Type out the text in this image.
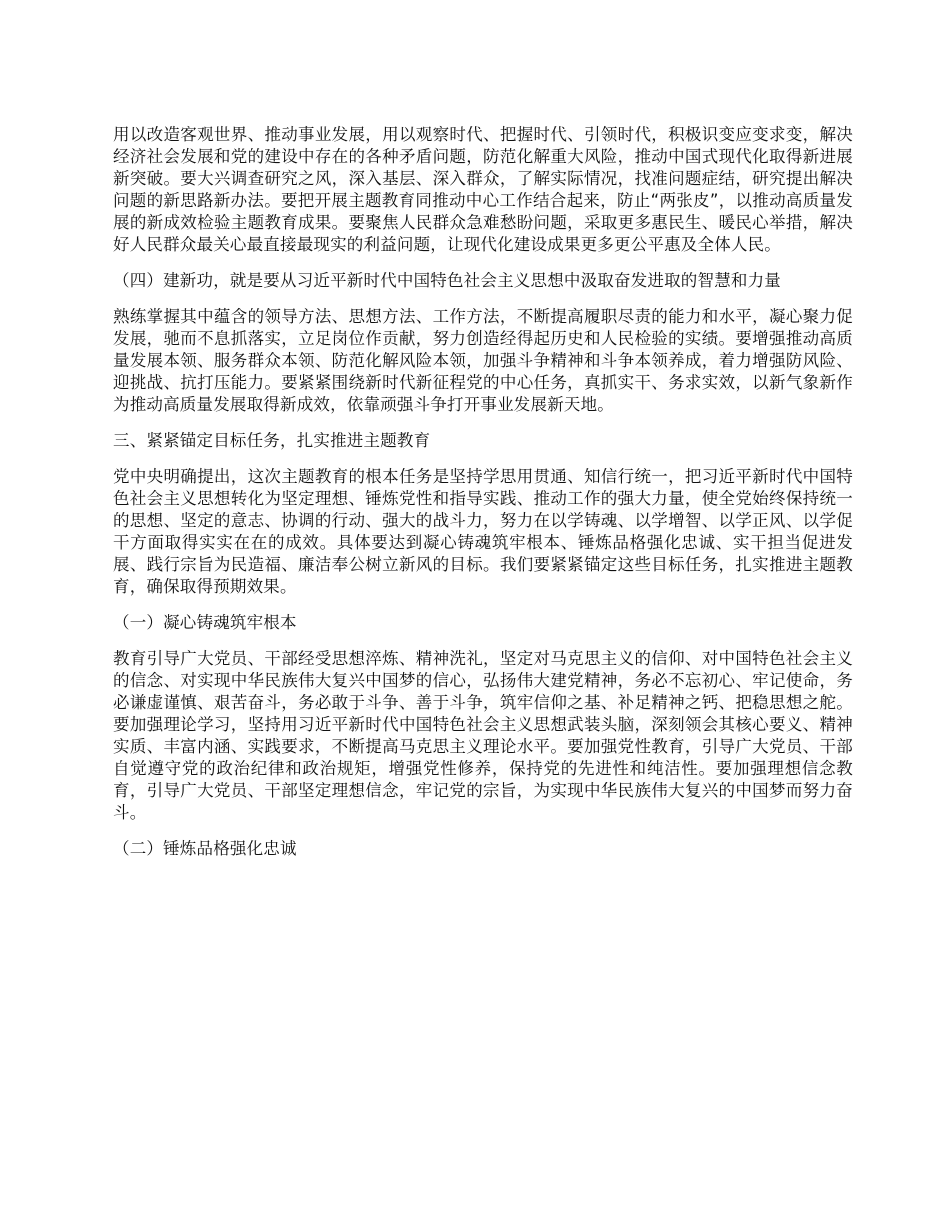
用以改造客观世界、推动事业发展，用以观察时代、把握时代、引领时代，积极识变应变求变，解决经济社会发展和党的建设中存在的各种矛盾问题，防范化解重大风险，推动中国式现代化取得新进展新突破。要大兴调查研究之风，深入基层、深入群众，了解实际情况，找准问题症结，研究提出解决问题的新思路新办法。要把开展主题教育同推动中心工作结合起来，防止“两张皮”，以推动高质量发展的新成效检验主题教育成果。要聚焦人民群众急难愁盼问题，采取更多惠民生、暖民心举措，解决好人民群众最关心最直接最现实的利益问题，让现代化建设成果更多更公平惠及全体人民。

（四）建新功，就是要从习近平新时代中国特色社会主义思想中汲取奋发进取的智慧和力量

熟练掌握其中蕴含的领导方法、思想方法、工作方法，不断提高履职尽责的能力和水平，凝心聚力促发展，驰而不息抓落实，立足岗位作贡献，努力创造经得起历史和人民检验的实绩。要增强推动高质量发展本领、服务群众本领、防范化解风险本领，加强斗争精神和斗争本领养成，着力增强防风险、迎挑战、抗打压能力。要紧紧围绕新时代新征程党的中心任务，真抓实干、务求实效，以新气象新作为推动高质量发展取得新成效，依靠顽强斗争打开事业发展新天地。

三、紧紧锚定目标任务，扎实推进主题教育

党中央明确提出，这次主题教育的根本任务是坚持学思用贯通、知信行统一，把习近平新时代中国特色社会主义思想转化为坚定理想、锤炼党性和指导实践、推动工作的强大力量，使全党始终保持统一的思想、坚定的意志、协调的行动、强大的战斗力，努力在以学铸魂、以学增智、以学正风、以学促干方面取得实实在在的成效。具体要达到凝心铸魂筑牢根本、锤炼品格强化忠诚、实干担当促进发展、践行宗旨为民造福、廉洁奉公树立新风的目标。我们要紧紧锚定这些目标任务，扎实推进主题教育，确保取得预期效果。

（一）凝心铸魂筑牢根本

教育引导广大党员、干部经受思想淬炼、精神洗礼，坚定对马克思主义的信仰、对中国特色社会主义的信念、对实现中华民族伟大复兴中国梦的信心，弘扬伟大建党精神，务必不忘初心、牢记使命，务必谦虚谨慎、艰苦奋斗，务必敢于斗争、善于斗争，筑牢信仰之基、补足精神之钙、把稳思想之舵。要加强理论学习，坚持用习近平新时代中国特色社会主义思想武装头脑，深刻领会其核心要义、精神实质、丰富内涵、实践要求，不断提高马克思主义理论水平。要加强党性教育，引导广大党员、干部自觉遵守党的政治纪律和政治规矩，增强党性修养，保持党的先进性和纯洁性。要加强理想信念教育，引导广大党员、干部坚定理想信念，牢记党的宗旨，为实现中华民族伟大复兴的中国梦而努力奋斗。

（二）锤炼品格强化忠诚
